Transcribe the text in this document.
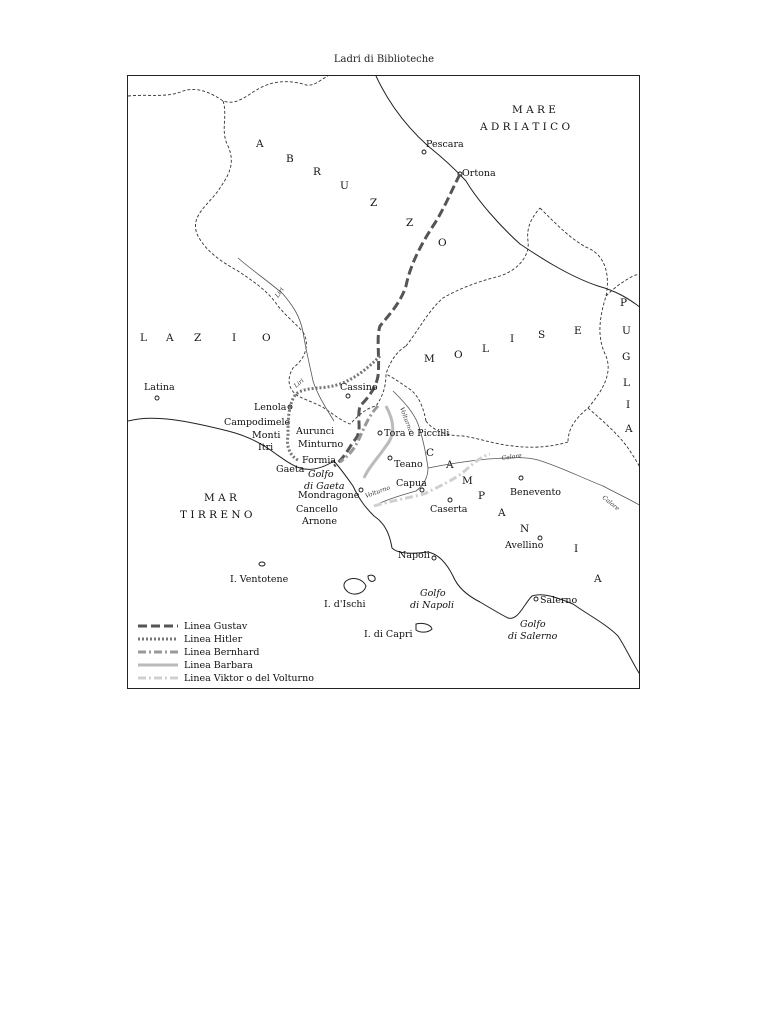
Ladri di Biblioteche
A
B
R
U
Z
Z
O
L A Z	I O
M O L
I S	E
P
U
G
L
I
A
C
A
M
P
A
N
I
A
M A R E
A D R I A T I C O
M A R
T I R R E N O
Golfo
di Gaeta
Golfo
di Napoli
Golfo
di Salerno
Pescara
Ortona
Latina
Lenola
Campodimele
Monti Aurunci
Itri	Minturno
Formia
Gaeta
Cassino
Tora e Piccilli
Teano
Mondragone
Cancello
Arnone
Capua
Caserta
Benevento
Avellino
Napoli
Salerno
I. Ventotene
I. d'Ischi
I. di Capri
Liri
Liri
Volturno
Volturno
Calore
Calore
Linea Gustav
Linea Hitler
Linea Bernhard
Linea Barbara
Linea Viktor o del Volturno
